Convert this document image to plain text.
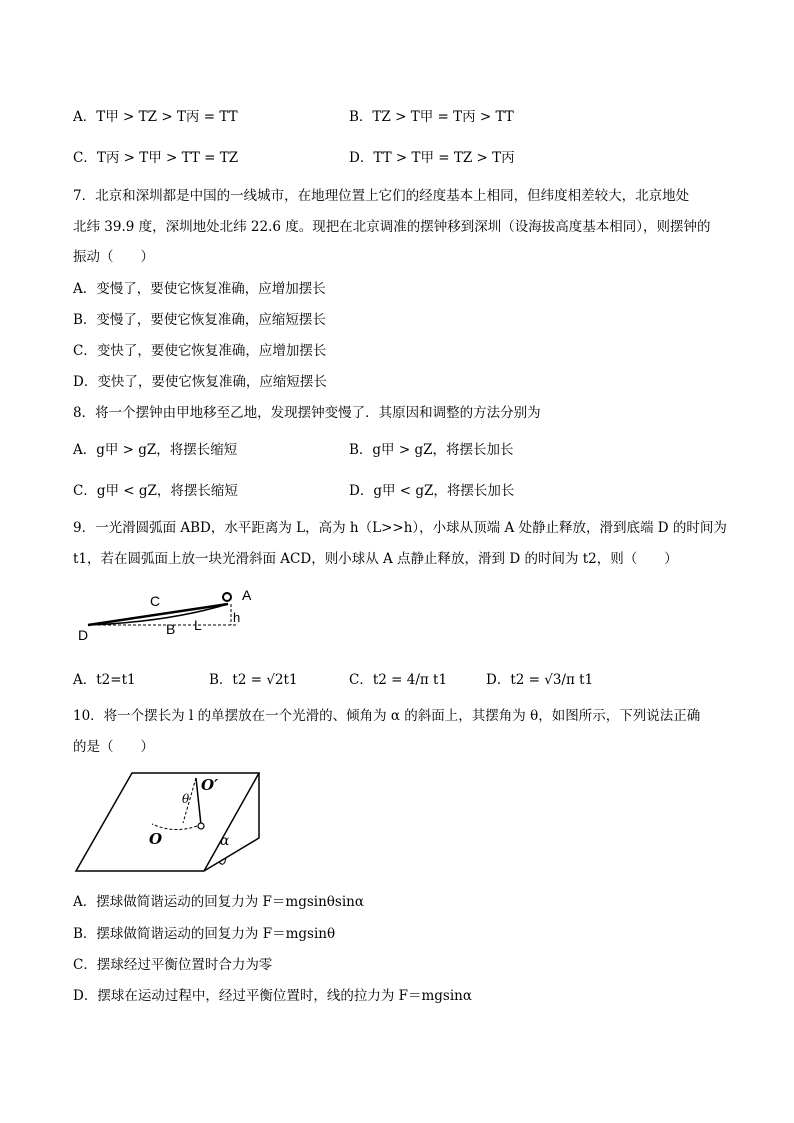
A．T甲 > TZ > T丙 = TT	B．TZ > T甲 = T丙 > TT
C．T丙 > T甲 > TT = TZ	D．TT > T甲 = TZ > T丙
7．北京和深圳都是中国的一线城市，在地理位置上它们的经度基本上相同，但纬度相差较大，北京地处
北纬 39.9 度，深圳地处北纬 22.6 度。现把在北京调准的摆钟移到深圳（设海拔高度基本相同），则摆钟的
振动（　　）
A．变慢了，要使它恢复准确，应增加摆长
B．变慢了，要使它恢复准确，应缩短摆长
C．变快了，要使它恢复准确，应增加摆长
D．变快了，要使它恢复准确，应缩短摆长
8．将一个摆钟由甲地移至乙地，发现摆钟变慢了．其原因和调整的方法分别为
A．g甲 > gZ，将摆长缩短	B．g甲 > gZ，将摆长加长
C．g甲 < gZ，将摆长缩短	D．g甲 < gZ，将摆长加长
9．一光滑圆弧面 ABD，水平距离为 L，高为 h（L>>h），小球从顶端 A 处静止释放，滑到底端 D 的时间为
t1，若在圆弧面上放一块光滑斜面 ACD，则小球从 A 点静止释放，滑到 D 的时间为 t2，则（　　）
A
C
B L h
D
A．t2=t1	B．t2 = √2t1	C．t2 = 4/π t1	D．t2 = √3/π t1
10．将一个摆长为 l 的单摆放在一个光滑的、倾角为 α 的斜面上，其摆角为 θ，如图所示，下列说法正确
的是（　　）
O′
θ
O	α
A．摆球做简谐运动的回复力为 F＝mgsinθsinα
B．摆球做简谐运动的回复力为 F＝mgsinθ
C．摆球经过平衡位置时合力为零
D．摆球在运动过程中，经过平衡位置时，线的拉力为 F＝mgsinα
